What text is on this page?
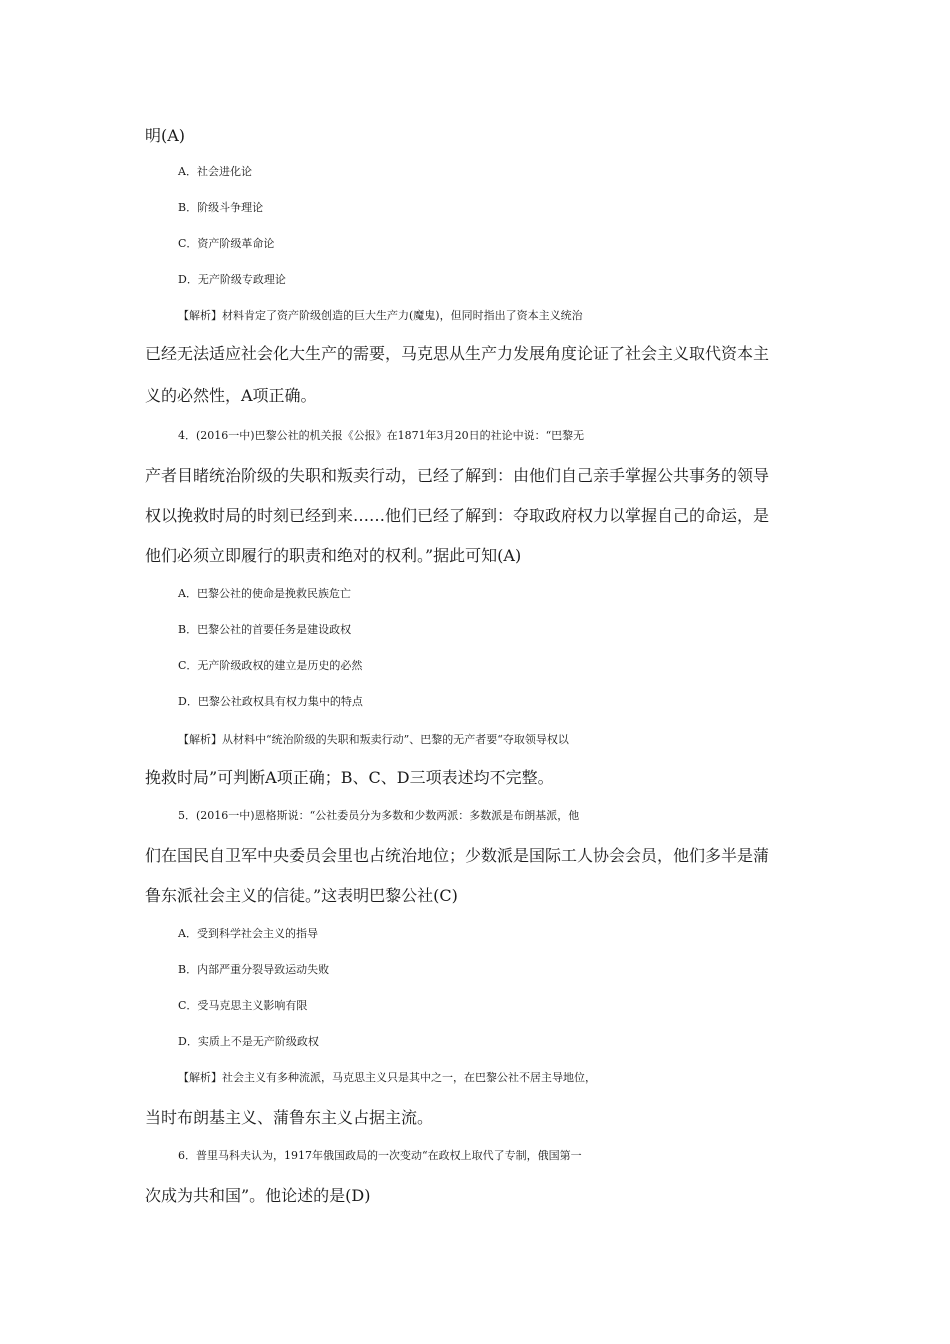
明(A)
A．社会进化论
B．阶级斗争理论
C．资产阶级革命论
D．无产阶级专政理论
【解析】材料肯定了资产阶级创造的巨大生产力(魔鬼)，但同时指出了资本主义统治
已经无法适应社会化大生产的需要，马克思从生产力发展角度论证了社会主义取代资本主
义的必然性，A项正确。
4．(2016一中)巴黎公社的机关报《公报》在1871年3月20日的社论中说：“巴黎无
产者目睹统治阶级的失职和叛卖行动，已经了解到：由他们自己亲手掌握公共事务的领导
权以挽救时局的时刻已经到来……他们已经了解到：夺取政府权力以掌握自己的命运，是
他们必须立即履行的职责和绝对的权利。”据此可知(A)
A．巴黎公社的使命是挽救民族危亡
B．巴黎公社的首要任务是建设政权
C．无产阶级政权的建立是历史的必然
D．巴黎公社政权具有权力集中的特点
【解析】从材料中“统治阶级的失职和叛卖行动”、巴黎的无产者要“夺取领导权以
挽救时局”可判断A项正确；B、C、D三项表述均不完整。
5．(2016一中)恩格斯说：“公社委员分为多数和少数两派：多数派是布朗基派，他
们在国民自卫军中央委员会里也占统治地位；少数派是国际工人协会会员，他们多半是蒲
鲁东派社会主义的信徒。”这表明巴黎公社(C)
A．受到科学社会主义的指导
B．内部严重分裂导致运动失败
C．受马克思主义影响有限
D．实质上不是无产阶级政权
【解析】社会主义有多种流派，马克思主义只是其中之一，在巴黎公社不居主导地位，
当时布朗基主义、蒲鲁东主义占据主流。
6．普里马科夫认为，1917年俄国政局的一次变动“在政权上取代了专制，俄国第一
次成为共和国”。他论述的是(D)
